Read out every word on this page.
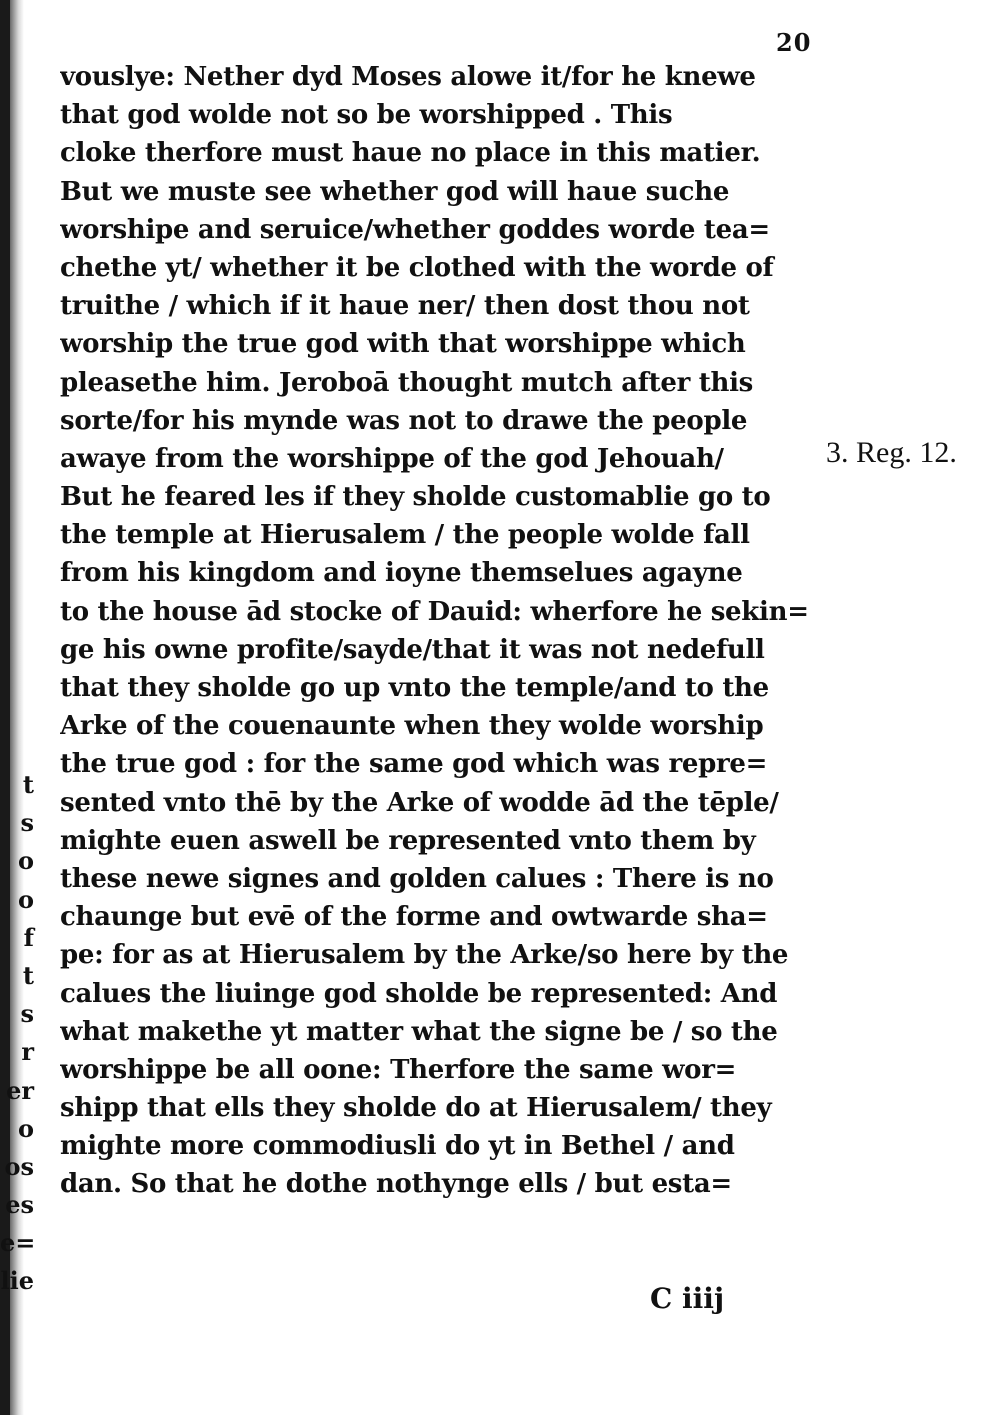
t
s
o
o
f
t
s
r
er
o
os
es
e=
lie
20
vouslye: Nether dyd Moses alowe it/for he knewe
that god wolde not so be worshipped . This
cloke therfore must haue no place in this matier.
But we muste see whether god will haue suche
worshipe and seruice/whether goddes worde tea=
chethe yt/ whether it be clothed with the worde of
truithe / which if it haue ner/ then dost thou not
worship the true god with that worshippe which
pleasethe him. Jeroboā thought mutch after this
sorte/for his mynde was not to drawe the people
awaye from the worshippe of the god Jehouah/
But he feared les if they sholde customablie go to
the temple at Hierusalem / the people wolde fall
from his kingdom and ioyne themselues agayne
to the house ād stocke of Dauid: wherfore he sekin=
ge his owne profite/sayde/that it was not nedefull
that they sholde go up vnto the temple/and to the
Arke of the couenaunte when they wolde worship
the true god : for the same god which was repre=
sented vnto thē by the Arke of wodde ād the tēple/
mighte euen aswell be represented vnto them by
these newe signes and golden calues : There is no
chaunge but evē of the forme and owtwarde sha=
pe: for as at Hierusalem by the Arke/so here by the
calues the liuinge god sholde be represented: And
what makethe yt matter what the signe be / so the
worshippe be all oone: Therfore the same wor=
shipp that ells they sholde do at Hierusalem/ they
mighte more commodiusli do yt in Bethel / and
dan. So that he dothe nothynge ells / but esta=
3. Reg. 12.
C iiij
